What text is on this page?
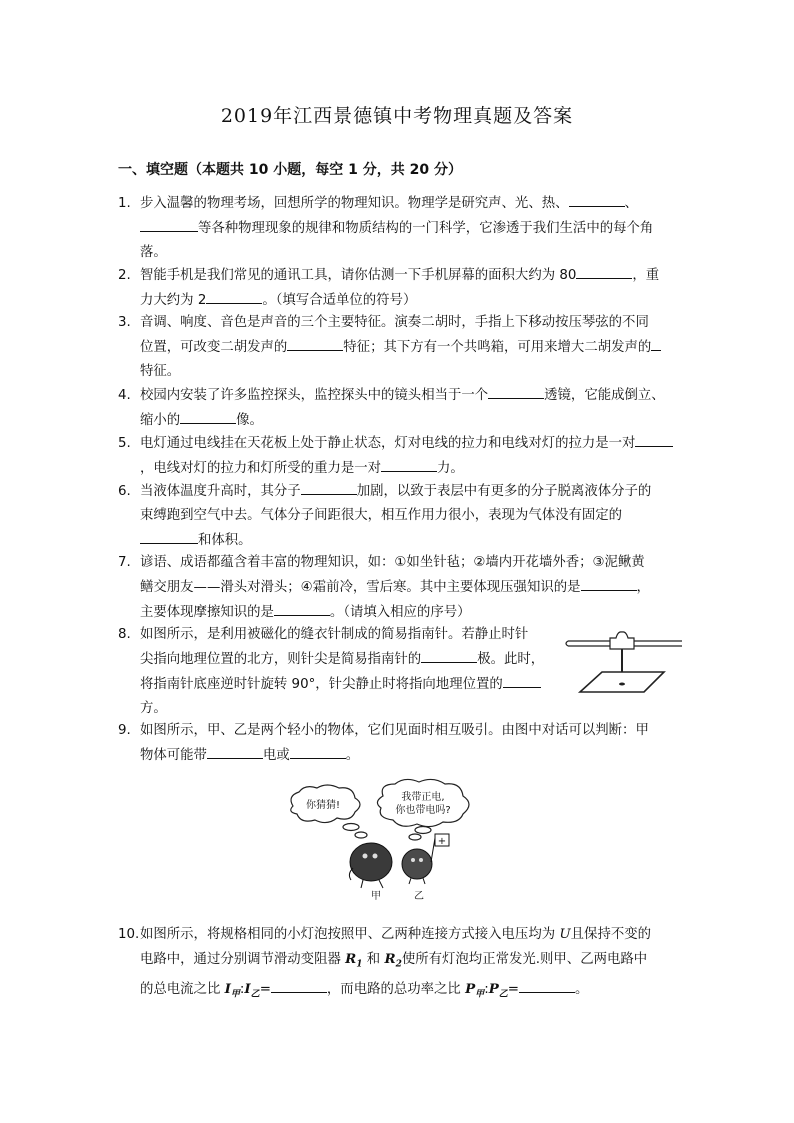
2019年江西景德镇中考物理真题及答案
一、填空题（本题共 10 小题，每空 1 分，共 20 分）
1. 步入温馨的物理考场，回想所学的物理知识。物理学是研究声、光、热、	、
等各种物理现象的规律和物质结构的一门科学，它渗透于我们生活中的每个角
落。
2. 智能手机是我们常见的通讯工具，请你估测一下手机屏幕的面积大约为 80	，重
力大约为 2	。（填写合适单位的符号）
3. 音调、响度、音色是声音的三个主要特征。演奏二胡时，手指上下移动按压琴弦的不同
位置，可改变二胡发声的	特征；其下方有一个共鸣箱，可用来增大二胡发声的
特征。
4. 校园内安装了许多监控探头，监控探头中的镜头相当于一个	透镜，它能成倒立、
缩小的	像。
5. 电灯通过电线挂在天花板上处于静止状态，灯对电线的拉力和电线对灯的拉力是一对
，电线对灯的拉力和灯所受的重力是一对	力。
6. 当液体温度升高时，其分子	加剧，以致于表层中有更多的分子脱离液体分子的
束缚跑到空气中去。气体分子间距很大，相互作用力很小，表现为气体没有固定的
和体积。
7. 谚语、成语都蕴含着丰富的物理知识，如：①如坐针毡；②墙内开花墙外香；③泥鳅黄
鳝交朋友——滑头对滑头；④霜前冷，雪后寒。其中主要体现压强知识的是	，
主要体现摩擦知识的是	。（请填入相应的序号）
8. 如图所示，是利用被磁化的缝衣针制成的简易指南针。若静止时针
尖指向地理位置的北方，则针尖是简易指南针的	极。此时，
将指南针底座逆时针旋转 90°，针尖静止时将指向地理位置的
方。
9. 如图所示，甲、乙是两个轻小的物体，它们见面时相互吸引。由图中对话可以判断：甲
物体可能带	电或	。
你猜猜!
我带正电,
你也带电吗?
+
甲	乙
10.如图所示，将规格相同的小灯泡按照甲、乙两种连接方式接入电压均为 U且保持不变的
电路中，通过分别调节滑动变阻器 $R_1$ 和 $R_2$使所有灯泡均正常发光.则甲、乙两电路中
的总电流之比 $I_甲:I_乙=$	，而电路的总功率之比 $P_甲:P_乙=$	。
